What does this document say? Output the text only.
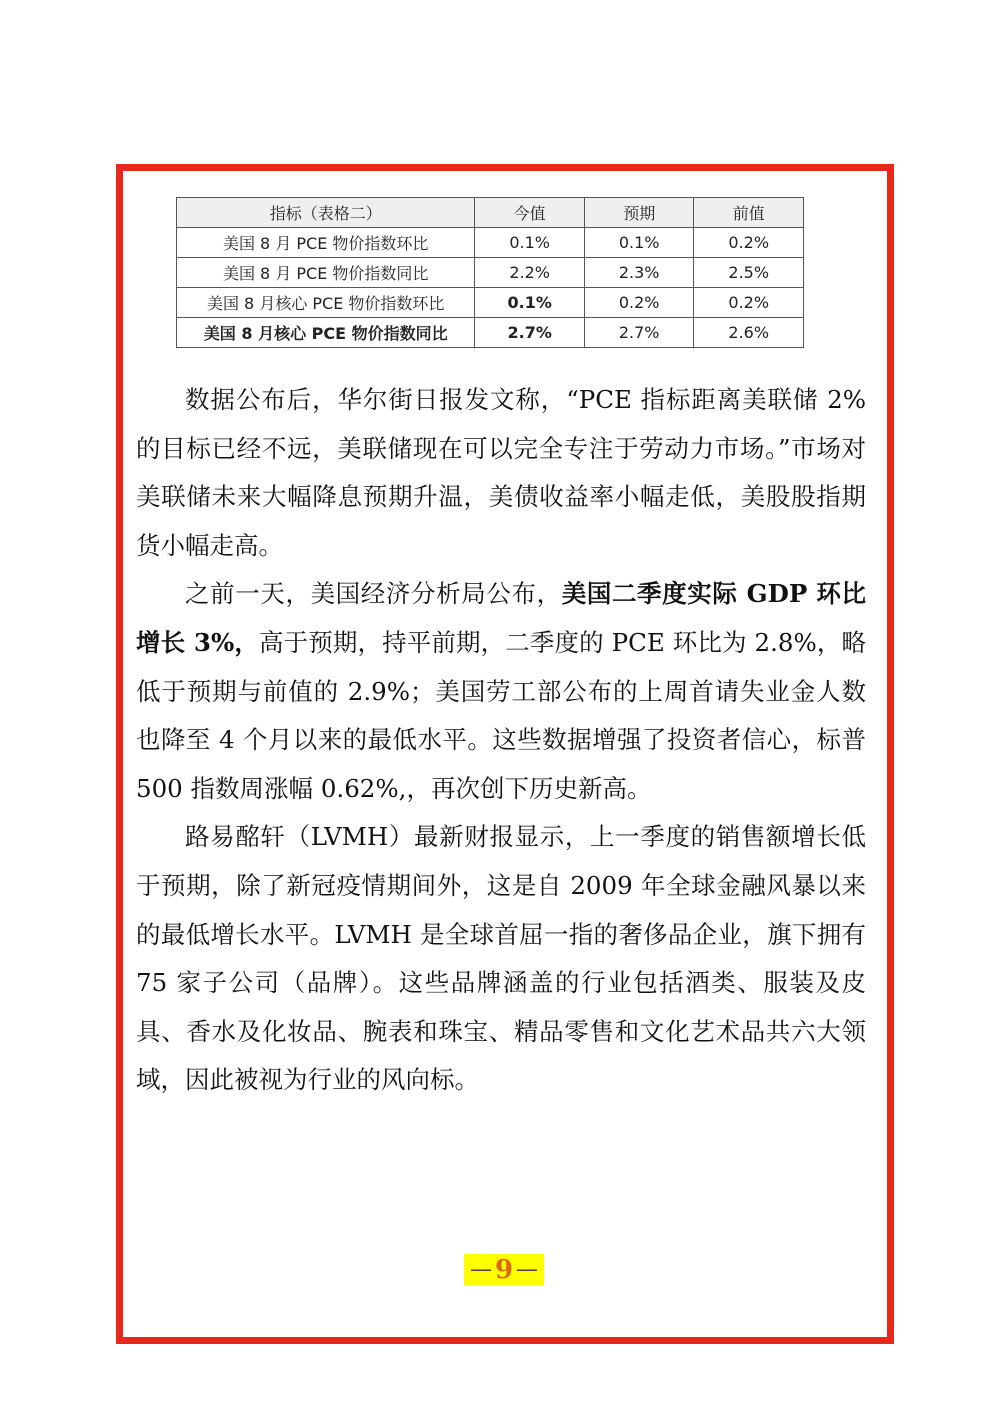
指标（表格二）	今值	预期	前值
美国 8 月 PCE 物价指数环比	0.1%	0.1%	0.2%
美国 8 月 PCE 物价指数同比	2.2%	2.3%	2.5%
美国 8 月核心 PCE 物价指数环比	0.1%	0.2%	0.2%
美国 8 月核心 PCE 物价指数同比	2.7%	2.7%	2.6%

数据公布后，华尔街日报发文称，“PCE 指标距离美联储 2%的目标已经不远，美联储现在可以完全专注于劳动力市场。”市场对美联储未来大幅降息预期升温，美债收益率小幅走低，美股股指期货小幅走高。

之前一天，美国经济分析局公布，美国二季度实际 GDP 环比增长 3%，高于预期，持平前期，二季度的 PCE 环比为 2.8%，略低于预期与前值的 2.9%；美国劳工部公布的上周首请失业金人数也降至 4 个月以来的最低水平。这些数据增强了投资者信心，标普 500 指数周涨幅 0.62%,，再次创下历史新高。

路易酩轩（LVMH）最新财报显示，上一季度的销售额增长低于预期，除了新冠疫情期间外，这是自 2009 年全球金融风暴以来的最低增长水平。LVMH 是全球首屈一指的奢侈品企业，旗下拥有 75 家子公司（品牌）。这些品牌涵盖的行业包括酒类、服装及皮具、香水及化妆品、腕表和珠宝、精品零售和文化艺术品共六大领域，因此被视为行业的风向标。

— 9 —
